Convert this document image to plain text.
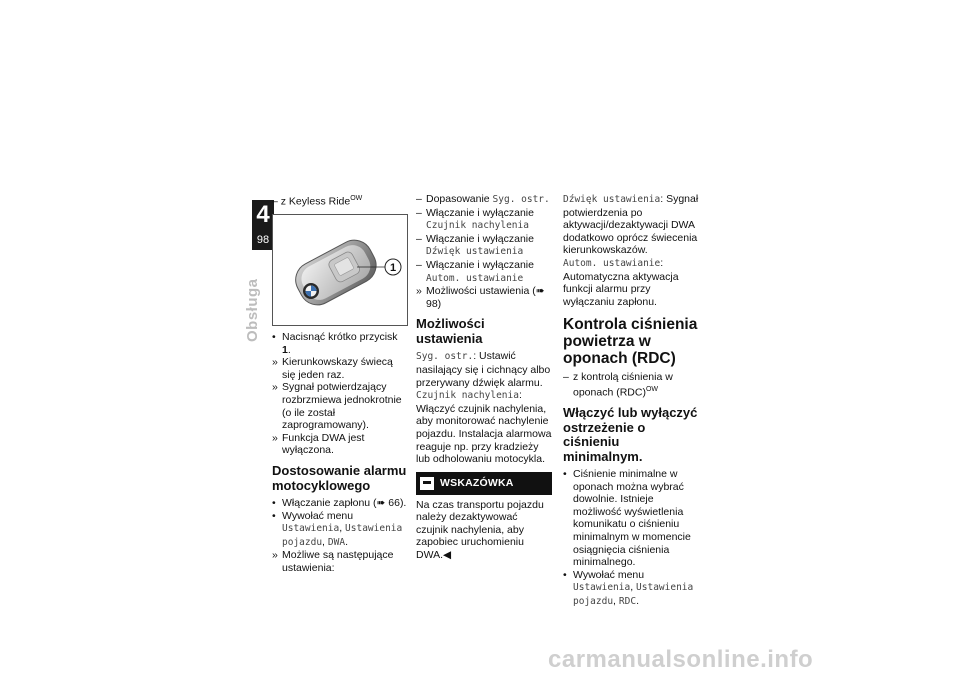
4
98
Obsługa

– z Keyless Ride$^{OW}$

1
• Nacisnąć krótko przycisk 1.
» Kierunkowskazy świecą się jeden raz.
» Sygnał potwierdzający rozbrzmiewa jednokrotnie (o ile został zaprogramowany).
» Funkcja DWA jest wyłączona.
Dostosowanie alarmu motocyklowego
• Włączanie zapłonu (➠ 66).
• Wywołać menu Ustawienia, Ustawienia pojazdu, DWA.
» Możliwe są następujące ustawienia:
– Dopasowanie Syg. ostr.
– Włączanie i wyłączanie Czujnik nachylenia
– Włączanie i wyłączanie Dźwięk ustawienia
– Włączanie i wyłączanie Autom. ustawianie
» Możliwości ustawienia (➠ 98)
Możliwości ustawienia

Syg. ostr.: Ustawić nasilający się i cichnący albo przerywany dźwięk alarmu.

Czujnik nachylenia: Włączyć czujnik nachylenia, aby monitorować nachylenie pojazdu. Instalacja alarmowa reaguje np. przy kradzieży lub odholowaniu motocykla.

WSKAZÓWKA

Na czas transportu pojazdu należy dezaktywować czujnik nachylenia, aby zapobiec uruchomieniu DWA.◀

Dźwięk ustawienia: Sygnał potwierdzenia po aktywacji/dezaktywacji DWA dodatkowo oprócz świecenia kierunkowskazów.

Autom. ustawianie: Automatyczna aktywacja funkcji alarmu przy wyłączaniu zapłonu.

Kontrola ciśnienia powietrza w oponach (RDC)
– z kontrolą ciśnienia w oponach (RDC)$^{OW}$
Włączyć lub wyłączyć ostrzeżenie o ciśnieniu minimalnym.
• Ciśnienie minimalne w oponach można wybrać dowolnie. Istnieje możliwość wyświetlenia komunikatu o ciśnieniu minimalnym w momencie osiągnięcia ciśnienia minimalnego.
• Wywołać menu Ustawienia, Ustawienia pojazdu, RDC.
carmanualsonline.info
